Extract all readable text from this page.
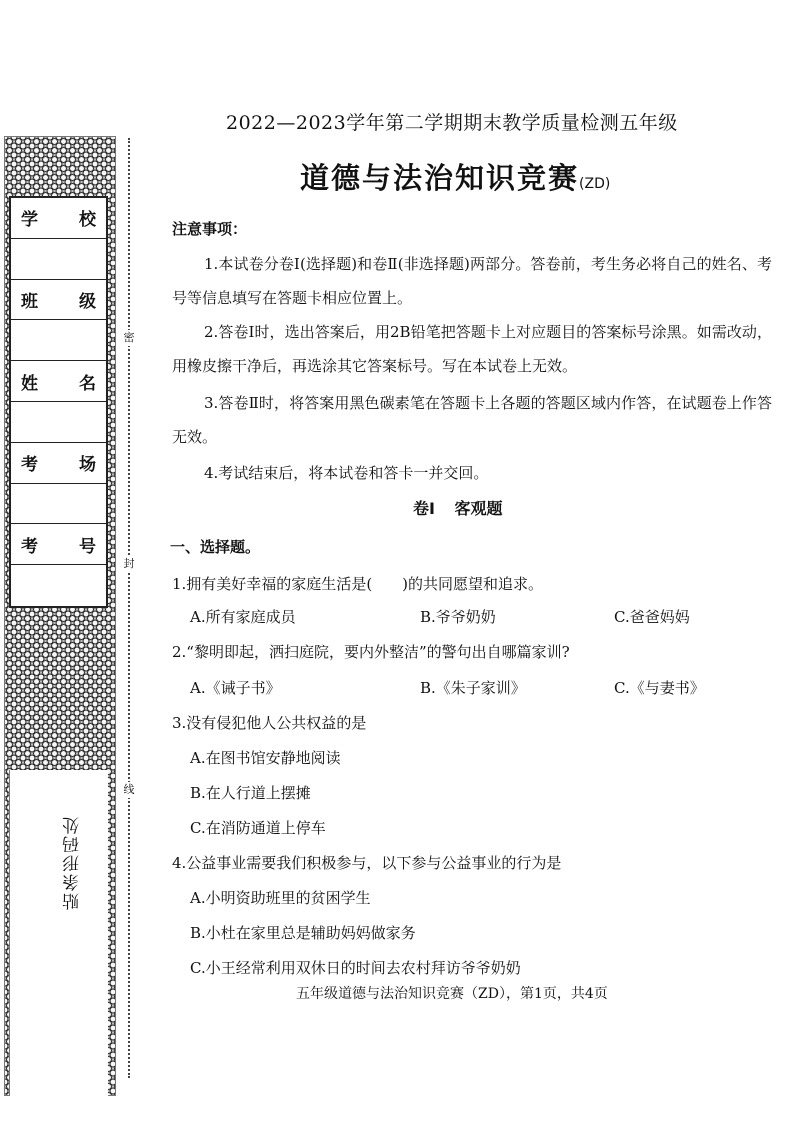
学 校
班 级
姓 名
考 场
考 号
贴条形码处
密
封
线
2022—2023学年第二学期期末教学质量检测五年级
道德与法治知识竞赛(ZD)
注意事项：
1.本试卷分卷Ⅰ(选择题)和卷Ⅱ(非选择题)两部分。答卷前，考生务必将自己的姓名、考号等信息填写在答题卡相应位置上。
2.答卷Ⅰ时，选出答案后，用2B铅笔把答题卡上对应题目的答案标号涂黑。如需改动，用橡皮擦干净后，再选涂其它答案标号。写在本试卷上无效。
3.答卷Ⅱ时，将答案用黑色碳素笔在答题卡上各题的答题区域内作答，在试题卷上作答无效。
4.考试结束后，将本试卷和答卡一并交回。
卷Ⅰ 客观题
一、选择题。
1.拥有美好幸福的家庭生活是(　　)的共同愿望和追求。
A.所有家庭成员	B.爷爷奶奶	C.爸爸妈妈
2.“黎明即起，洒扫庭院，要内外整洁”的警句出自哪篇家训?
A.《诫子书》	B.《朱子家训》	C.《与妻书》
3.没有侵犯他人公共权益的是
A.在图书馆安静地阅读
B.在人行道上摆摊
C.在消防通道上停车
4.公益事业需要我们积极参与，以下参与公益事业的行为是
A.小明资助班里的贫困学生
B.小杜在家里总是辅助妈妈做家务
C.小王经常利用双休日的时间去农村拜访爷爷奶奶
五年级道德与法治知识竞赛（ZD），第1页，共4页
